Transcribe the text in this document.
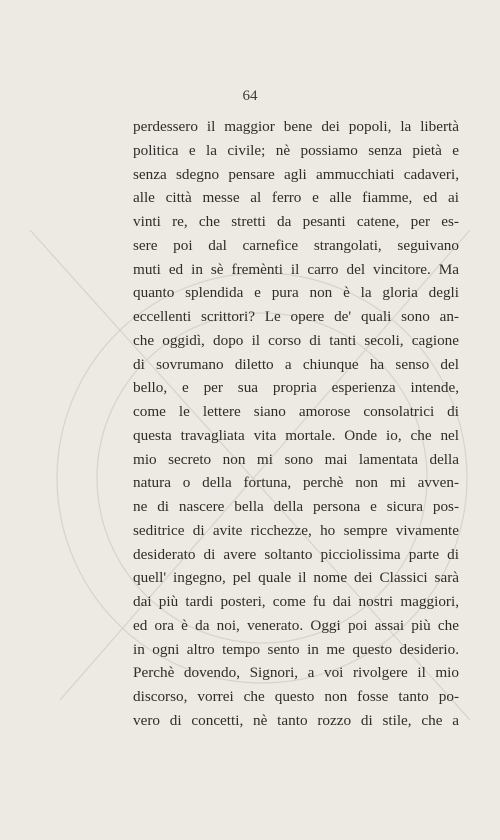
64
perdessero il maggior bene dei popoli, la libertà
politica e la civile; nè possiamo senza pietà e
senza sdegno pensare agli ammucchiati cadaveri,
alle città messe al ferro e alle fiamme, ed ai
vinti re, che stretti da pesanti catene, per es-
sere poi dal carnefice strangolati, seguivano
muti ed in sè fremènti il carro del vincitore. Ma
quanto splendida e pura non è la gloria degli
eccellenti scrittori? Le opere de' quali sono an-
che oggidì, dopo il corso di tanti secoli, cagione
di sovrumano diletto a chiunque ha senso del
bello, e per sua propria esperienza intende,
come le lettere siano amorose consolatrici di
questa travagliata vita mortale. Onde io, che nel
mio secreto non mi sono mai lamentata della
natura o della fortuna, perchè non mi avven-
ne di nascere bella della persona e sicura pos-
seditrice di avite ricchezze, ho sempre vivamente
desiderato di avere soltanto picciolissima parte di
quell' ingegno, pel quale il nome dei Classici sarà
dai più tardi posteri, come fu dai nostri maggiori,
ed ora è da noi, venerato. Oggi poi assai più che
in ogni altro tempo sento in me questo desiderio.
Perchè dovendo, Signori, a voi rivolgere il mio
discorso, vorrei che questo non fosse tanto po-
vero di concetti, nè tanto rozzo di stile, che a
